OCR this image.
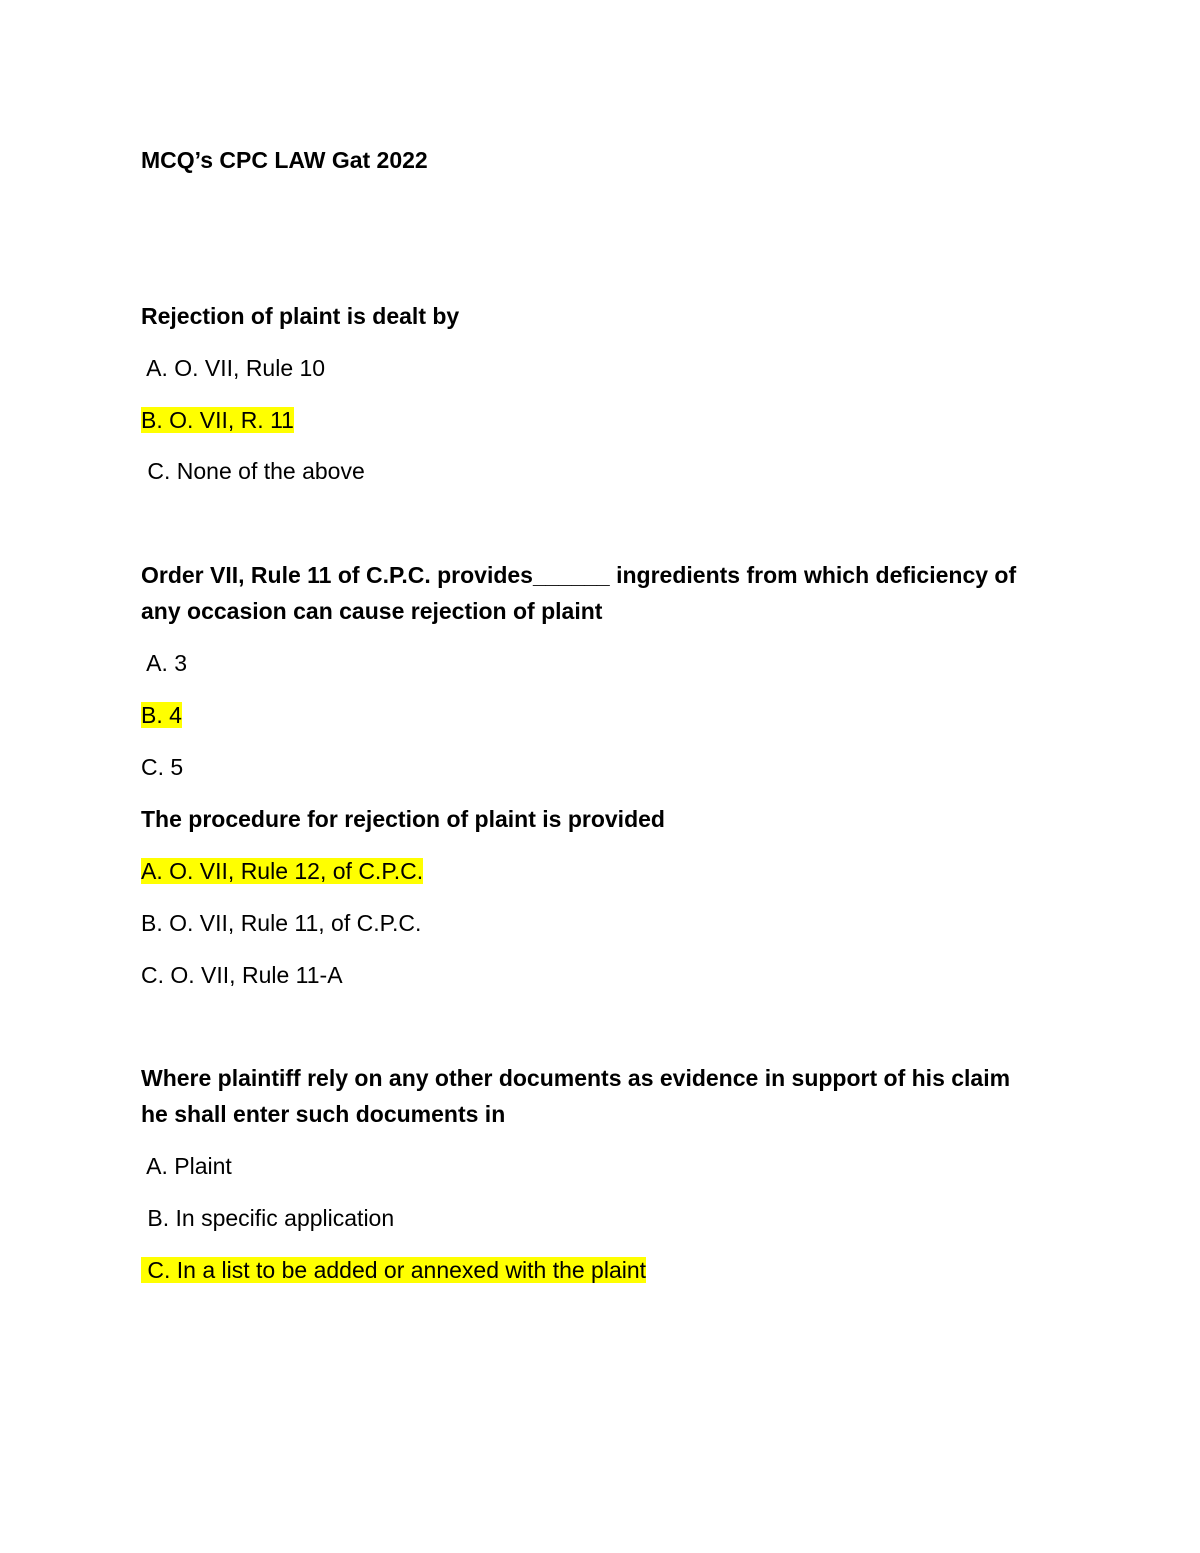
MCQ’s CPC LAW Gat 2022
Rejection of plaint is dealt by
A. O. VII, Rule 10
B. O. VII, R. 11
C. None of the above
Order VII, Rule 11 of C.P.C. provides______ ingredients from which deficiency of
any occasion can cause rejection of plaint
A. 3
B. 4
C. 5
The procedure for rejection of plaint is provided
A. O. VII, Rule 12, of C.P.C.
B. O. VII, Rule 11, of C.P.C.
C. O. VII, Rule 11-A
Where plaintiff rely on any other documents as evidence in support of his claim
he shall enter such documents in
A. Plaint
B. In specific application
C. In a list to be added or annexed with the plaint
